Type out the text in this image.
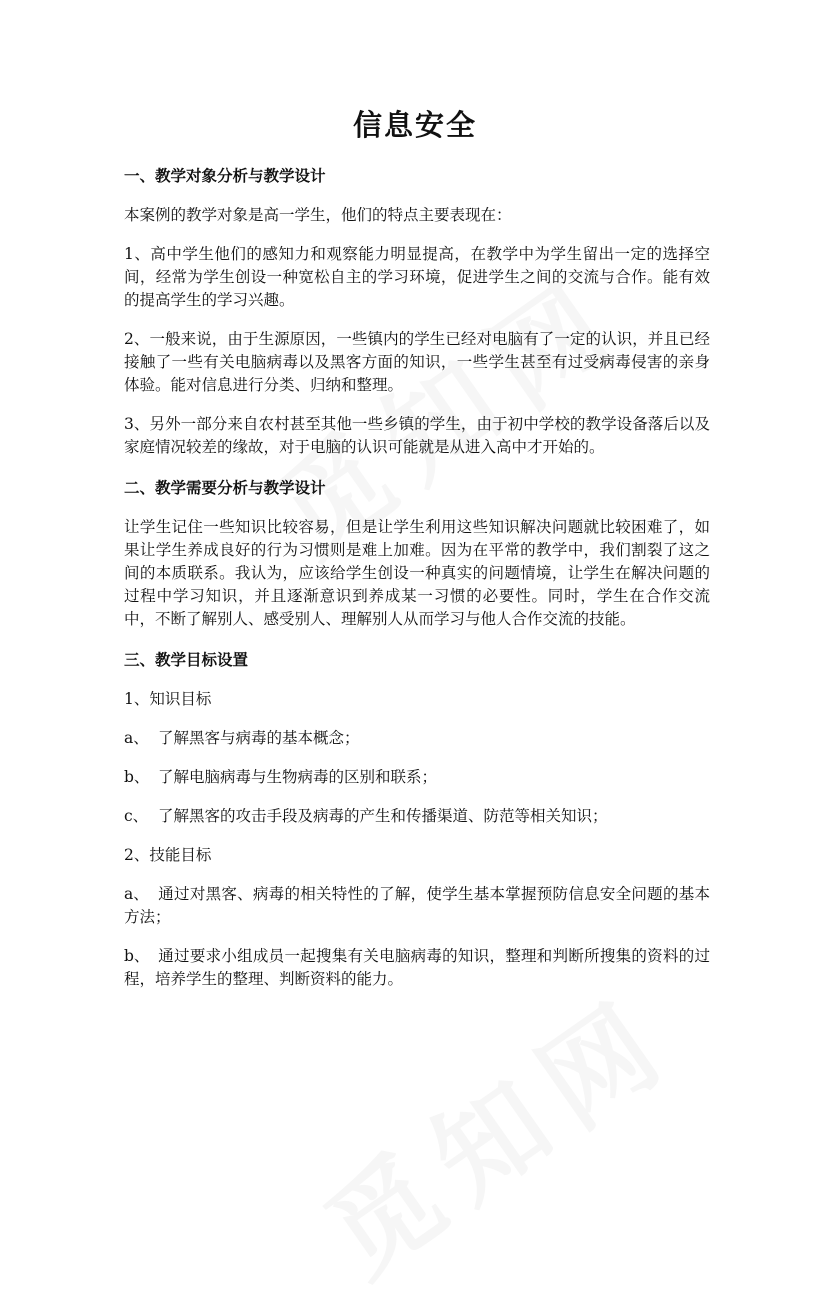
信息安全
一、教学对象分析与教学设计
本案例的教学对象是高一学生，他们的特点主要表现在：
1、高中学生他们的感知力和观察能力明显提高，在教学中为学生留出一定的选择空间，经常为学生创设一种宽松自主的学习环境，促进学生之间的交流与合作。能有效的提高学生的学习兴趣。
2、一般来说，由于生源原因，一些镇内的学生已经对电脑有了一定的认识，并且已经接触了一些有关电脑病毒以及黑客方面的知识，一些学生甚至有过受病毒侵害的亲身体验。能对信息进行分类、归纳和整理。
3、另外一部分来自农村甚至其他一些乡镇的学生，由于初中学校的教学设备落后以及家庭情况较差的缘故，对于电脑的认识可能就是从进入高中才开始的。
二、教学需要分析与教学设计
让学生记住一些知识比较容易，但是让学生利用这些知识解决问题就比较困难了，如果让学生养成良好的行为习惯则是难上加难。因为在平常的教学中，我们割裂了这之间的本质联系。我认为，应该给学生创设一种真实的问题情境，让学生在解决问题的过程中学习知识，并且逐渐意识到养成某一习惯的必要性。同时，学生在合作交流中，不断了解别人、感受别人、理解别人从而学习与他人合作交流的技能。
三、教学目标设置
1、知识目标
a、 了解黑客与病毒的基本概念；
b、 了解电脑病毒与生物病毒的区别和联系；
c、 了解黑客的攻击手段及病毒的产生和传播渠道、防范等相关知识；
2、技能目标
a、 通过对黑客、病毒的相关特性的了解，使学生基本掌握预防信息安全问题的基本方法；
b、 通过要求小组成员一起搜集有关电脑病毒的知识，整理和判断所搜集的资料的过程，培养学生的整理、判断资料的能力。
